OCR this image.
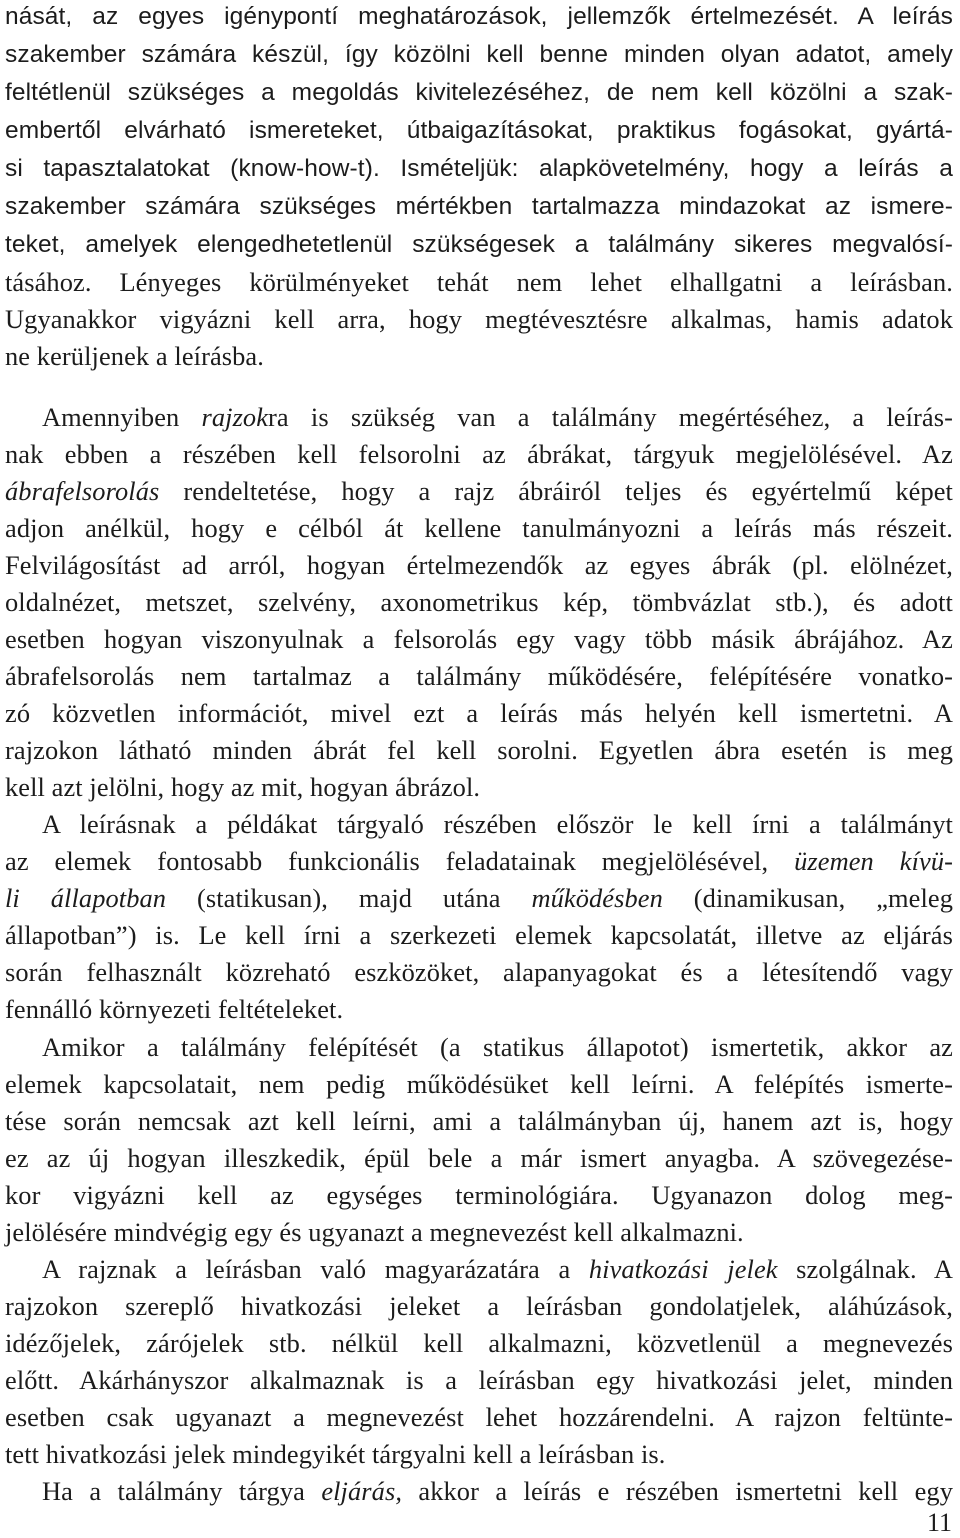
nását, az egyes igénypontí meghatározások, jellemzők értelmezését. A leírás
szakember számára készül, így közölni kell benne minden olyan adatot, amely
feltétlenül szükséges a megoldás kivitelezéséhez, de nem kell közölni a szak-
embertől elvárható ismereteket, útbaigazításokat, praktikus fogásokat, gyártá-
si tapasztalatokat (know-how-t). Ismételjük: alapkövetelmény, hogy a leírás a
szakember számára szükséges mértékben tartalmazza mindazokat az ismere-
teket, amelyek elengedhetetlenül szükségesek a találmány sikeres megvalósí-
tásához. Lényeges körülményeket tehát nem lehet elhallgatni a leírásban.
Ugyanakkor vigyázni kell arra, hogy megtévesztésre alkalmas, hamis adatok
ne kerüljenek a leírásba.
Amennyiben rajzokra is szükség van a találmány megértéséhez, a leírás-
nak ebben a részében kell felsorolni az ábrákat, tárgyuk megjelölésével. Az
ábrafelsorolás rendeltetése, hogy a rajz ábráiról teljes és egyértelmű képet
adjon anélkül, hogy e célból át kellene tanulmányozni a leírás más részeit.
Felvilágosítást ad arról, hogyan értelmezendők az egyes ábrák (pl. elölnézet,
oldalnézet, metszet, szelvény, axonometrikus kép, tömbvázlat stb.), és adott
esetben hogyan viszonyulnak a felsorolás egy vagy több másik ábrájához. Az
ábrafelsorolás nem tartalmaz a találmány működésére, felépítésére vonatko-
zó közvetlen információt, mivel ezt a leírás más helyén kell ismertetni. A
rajzokon látható minden ábrát fel kell sorolni. Egyetlen ábra esetén is meg
kell azt jelölni, hogy az mit, hogyan ábrázol.
A leírásnak a példákat tárgyaló részében először le kell írni a találmányt
az elemek fontosabb funkcionális feladatainak megjelölésével, üzemen kívü-
li állapotban (statikusan), majd utána működésben (dinamikusan, „meleg
állapotban”) is. Le kell írni a szerkezeti elemek kapcsolatát, illetve az eljárás
során felhasznált közreható eszközöket, alapanyagokat és a létesítendő vagy
fennálló környezeti feltételeket.
Amikor a találmány felépítését (a statikus állapotot) ismertetik, akkor az
elemek kapcsolatait, nem pedig működésüket kell leírni. A felépítés ismerte-
tése során nemcsak azt kell leírni, ami a találmányban új, hanem azt is, hogy
ez az új hogyan illeszkedik, épül bele a már ismert anyagba. A szövegezése-
kor vigyázni kell az egységes terminológiára. Ugyanazon dolog meg-
jelölésére mindvégig egy és ugyanazt a megnevezést kell alkalmazni.
A rajznak a leírásban való magyarázatára a hivatkozási jelek szolgálnak. A
rajzokon szereplő hivatkozási jeleket a leírásban gondolatjelek, aláhúzások,
idézőjelek, zárójelek stb. nélkül kell alkalmazni, közvetlenül a megnevezés
előtt. Akárhányszor alkalmaznak is a leírásban egy hivatkozási jelet, minden
esetben csak ugyanazt a megnevezést lehet hozzárendelni. A rajzon feltünte-
tett hivatkozási jelek mindegyikét tárgyalni kell a leírásban is.
Ha a találmány tárgya eljárás, akkor a leírás e részében ismertetni kell egy
11
